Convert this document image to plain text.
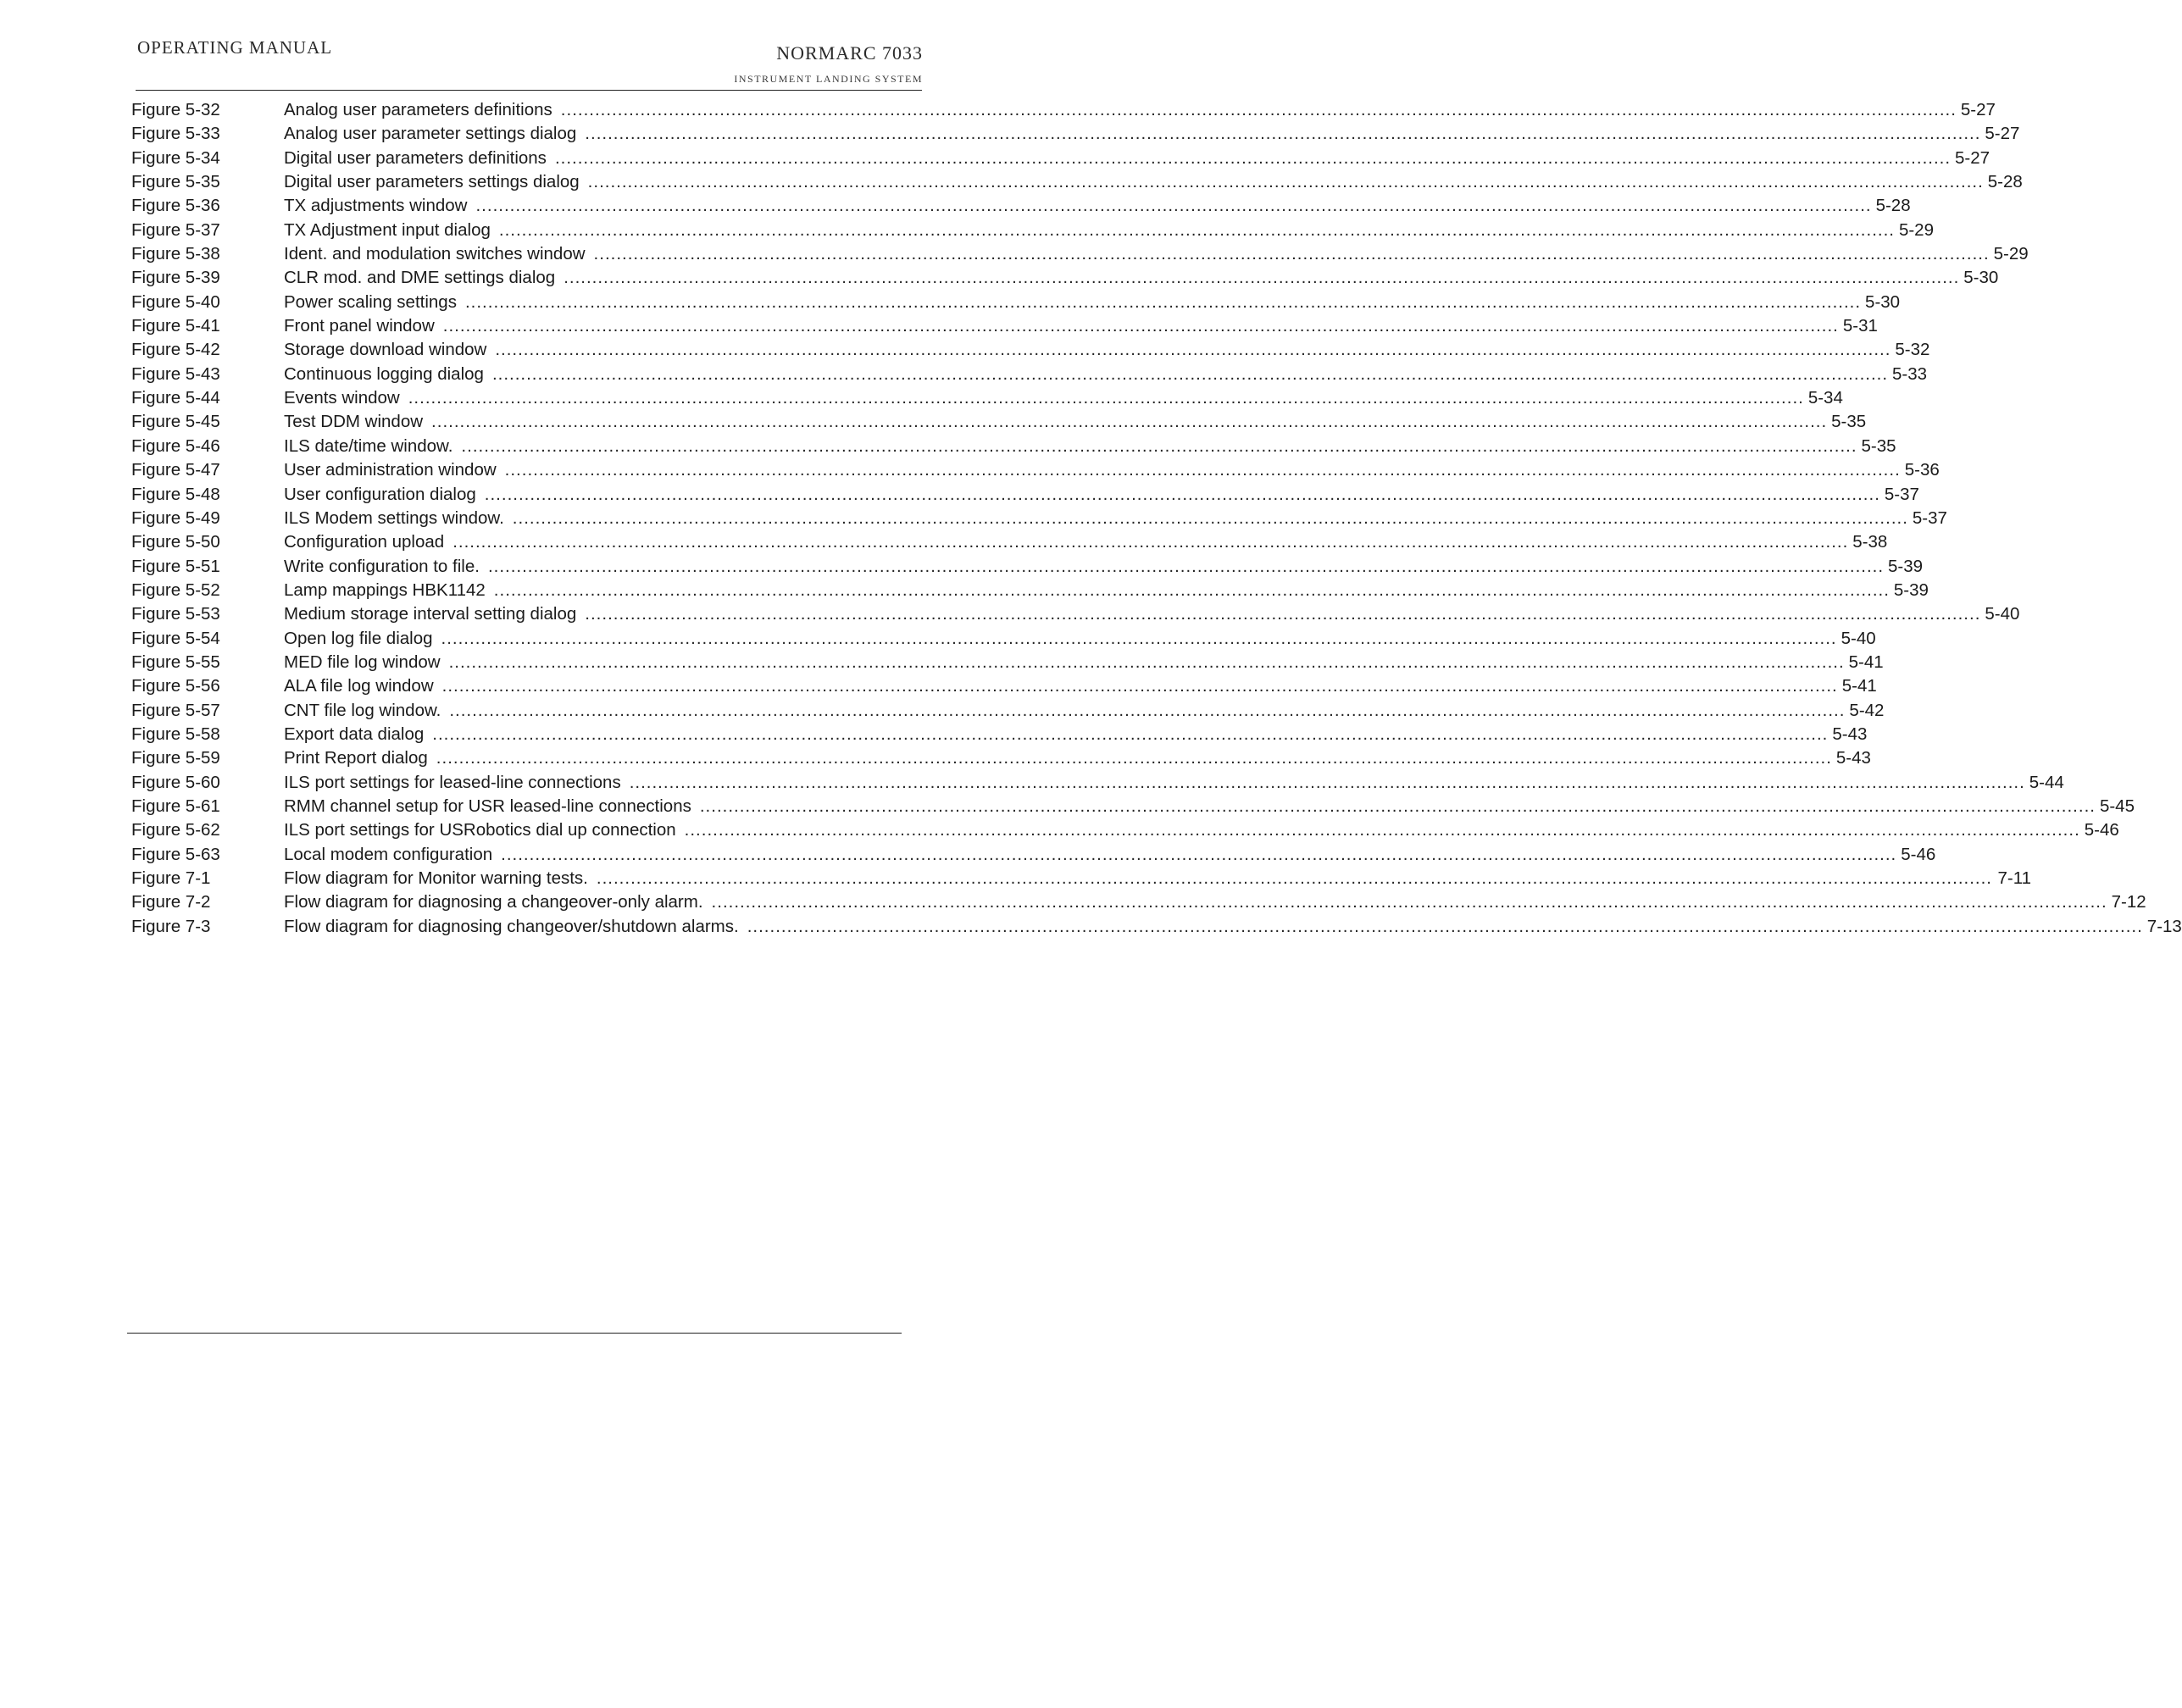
OPERATING MANUAL	NORMARC 7033
INSTRUMENT LANDING SYSTEM
Figure 5-32	Analog user parameters definitions .....	5-27
Figure 5-33	Analog user parameter settings dialog .....	5-27
Figure 5-34	Digital user parameters definitions .....	5-27
Figure 5-35	Digital user parameters settings dialog .....	5-28
Figure 5-36	TX adjustments window .....	5-28
Figure 5-37	TX Adjustment input dialog .....	5-29
Figure 5-38	Ident. and modulation switches window .....	5-29
Figure 5-39	CLR mod. and DME settings dialog .....	5-30
Figure 5-40	Power scaling settings .....	5-30
Figure 5-41	Front panel window .....	5-31
Figure 5-42	Storage download window .....	5-32
Figure 5-43	Continuous logging dialog .....	5-33
Figure 5-44	Events window .....	5-34
Figure 5-45	Test DDM window .....	5-35
Figure 5-46	ILS date/time window. .....	5-35
Figure 5-47	User administration window .....	5-36
Figure 5-48	User configuration dialog .....	5-37
Figure 5-49	ILS Modem settings window. .....	5-37
Figure 5-50	Configuration upload .....	5-38
Figure 5-51	Write configuration to file. .....	5-39
Figure 5-52	Lamp mappings HBK1142 .....	5-39
Figure 5-53	Medium storage interval setting dialog .....	5-40
Figure 5-54	Open log file dialog .....	5-40
Figure 5-55	MED file log window .....	5-41
Figure 5-56	ALA file log window .....	5-41
Figure 5-57	CNT file log window. .....	5-42
Figure 5-58	Export data dialog .....	5-43
Figure 5-59	Print Report dialog .....	5-43
Figure 5-60	ILS port settings for leased-line connections .....	5-44
Figure 5-61	RMM channel setup for USR leased-line connections .....	5-45
Figure 5-62	ILS port settings for USRobotics dial up connection .....	5-46
Figure 5-63	Local modem configuration .....	5-46
Figure 7-1	Flow diagram for Monitor warning tests. .....	7-11
Figure 7-2	Flow diagram for diagnosing a changeover-only alarm. .....	7-12
Figure 7-3	Flow diagram for diagnosing changeover/shutdown alarms. .....	7-13
